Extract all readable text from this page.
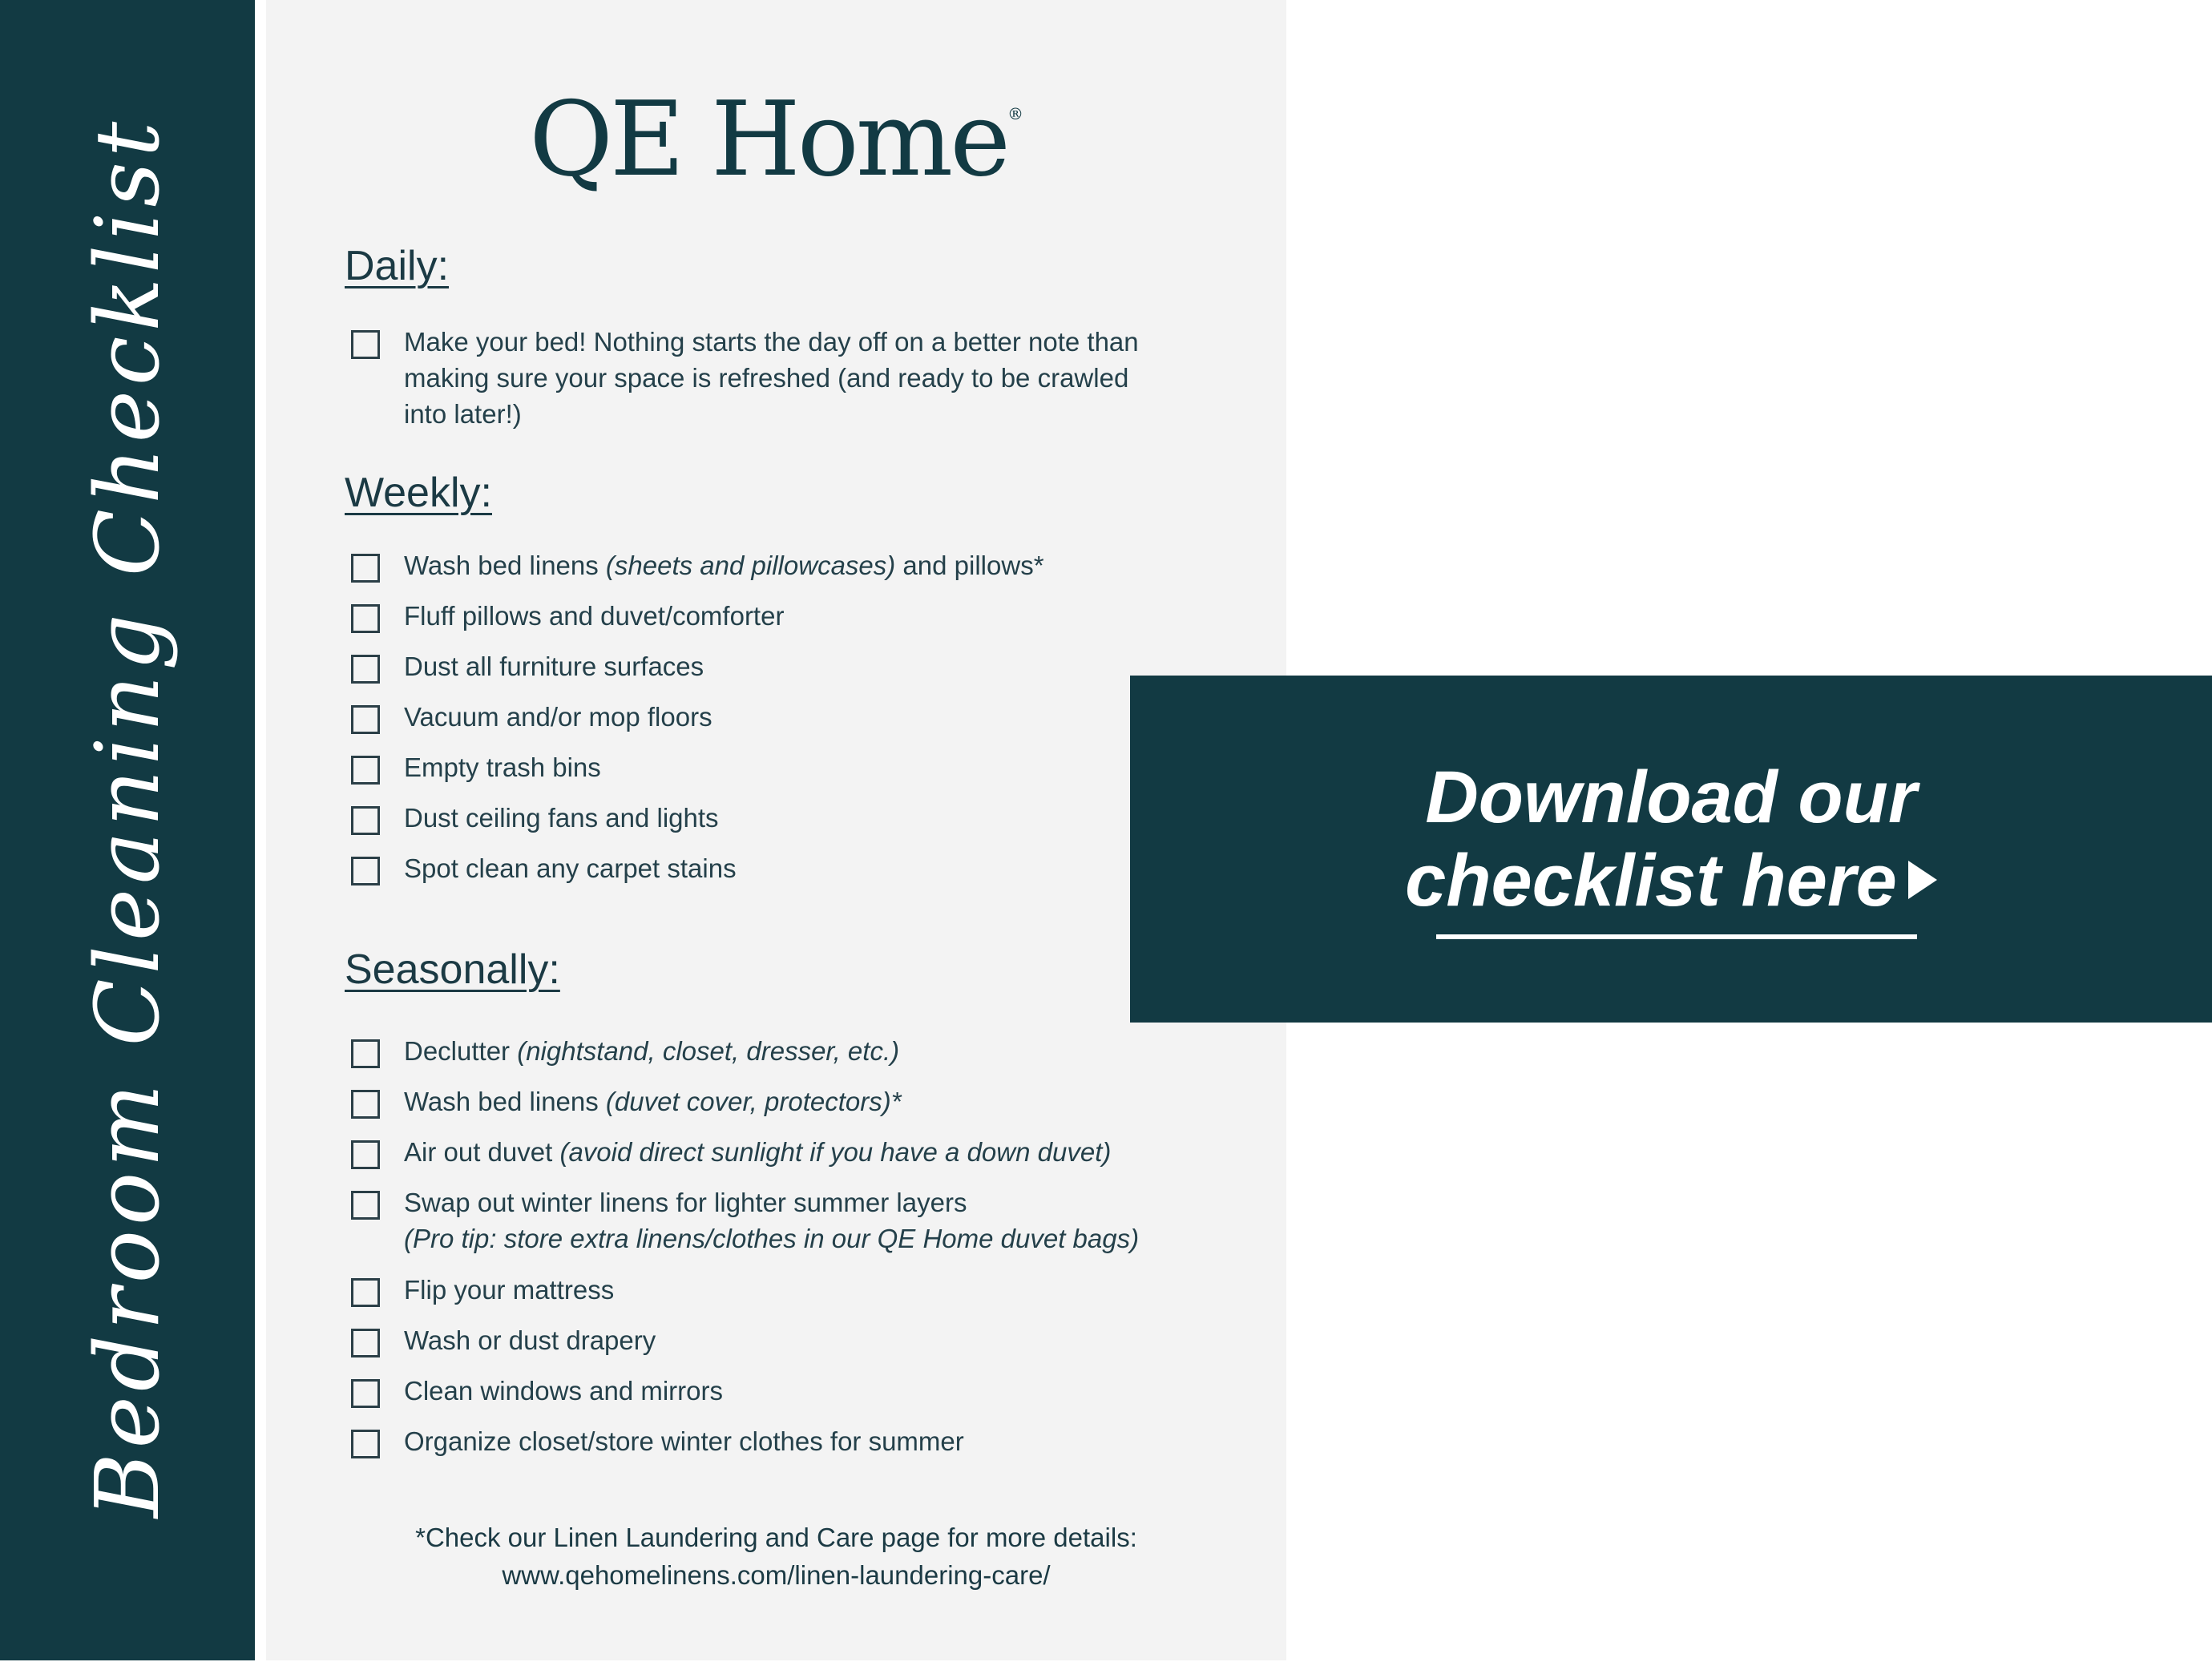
Bedroom Cleaning Checklist	QE Home®
Daily:
Make your bed! Nothing starts the day off on a better note than making sure your space is refreshed (and ready to be crawled into later!)
Weekly:
Wash bed linens (sheets and pillowcases) and pillows*
Fluff pillows and duvet/comforter
Dust all furniture surfaces
Vacuum and/or mop floors
Empty trash bins
Dust ceiling fans and lights
Spot clean any carpet stains
Seasonally:
Declutter (nightstand, closet, dresser, etc.)
Wash bed linens (duvet cover, protectors)*
Air out duvet (avoid direct sunlight if you have a down duvet)
Swap out winter linens for lighter summer layers
(Pro tip: store extra linens/clothes in our QE Home duvet bags)
Flip your mattress
Wash or dust drapery
Clean windows and mirrors
Organize closet/store winter clothes for summer
*Check our Linen Laundering and Care page for more details:
www.qehomelinens.com/linen-laundering-care/
Download our
checklist here
